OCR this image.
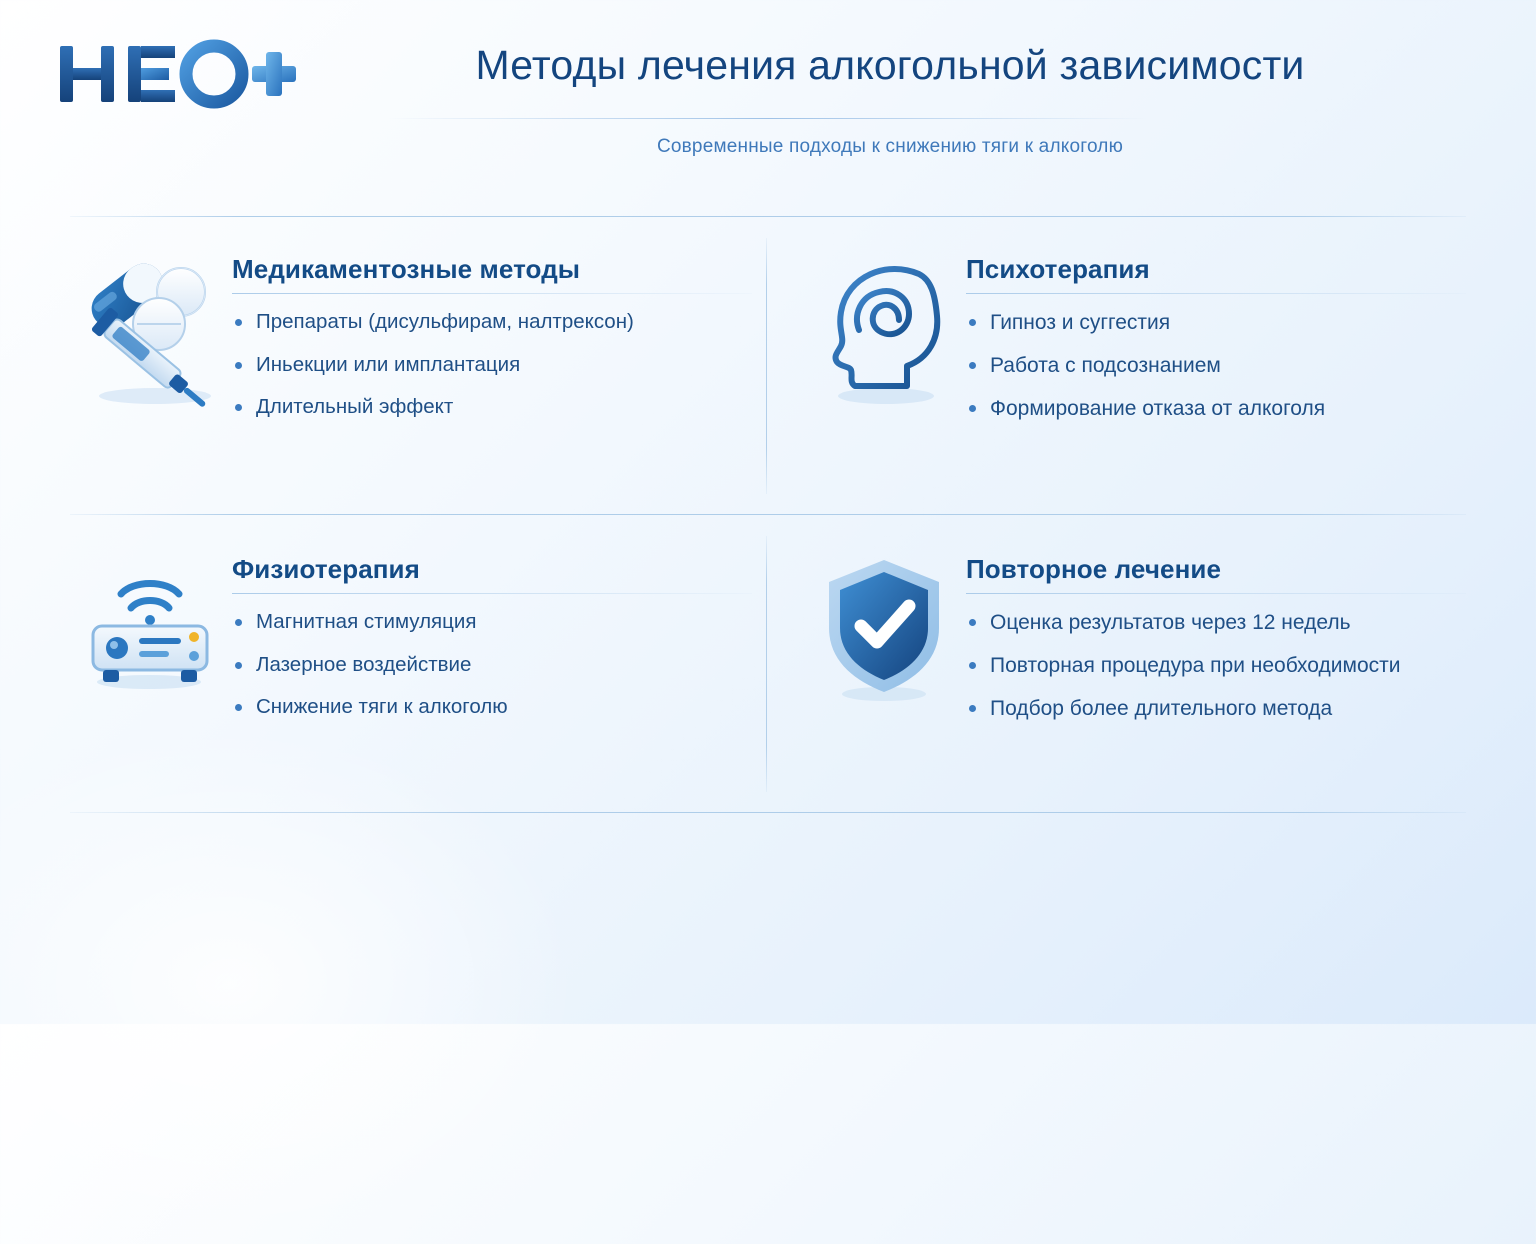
Методы лечения алкогольной зависимости
Современные подходы к снижению тяги к алкоголю
Медикаментозные методы
Препараты (дисульфирам, налтрексон)
Иньекции или имплантация
Длительный эффект
Психотерапия
Гипноз и суггестия
Работа с подсознанием
Формирование отказа от алкоголя
Физиотерапия
Магнитная стимуляция
Лазерное воздействие
Снижение тяги к алкоголю
Повторное лечение
Оценка результатов через 12 недель
Повторная процедура при необходимости
Подбор более длительного метода
